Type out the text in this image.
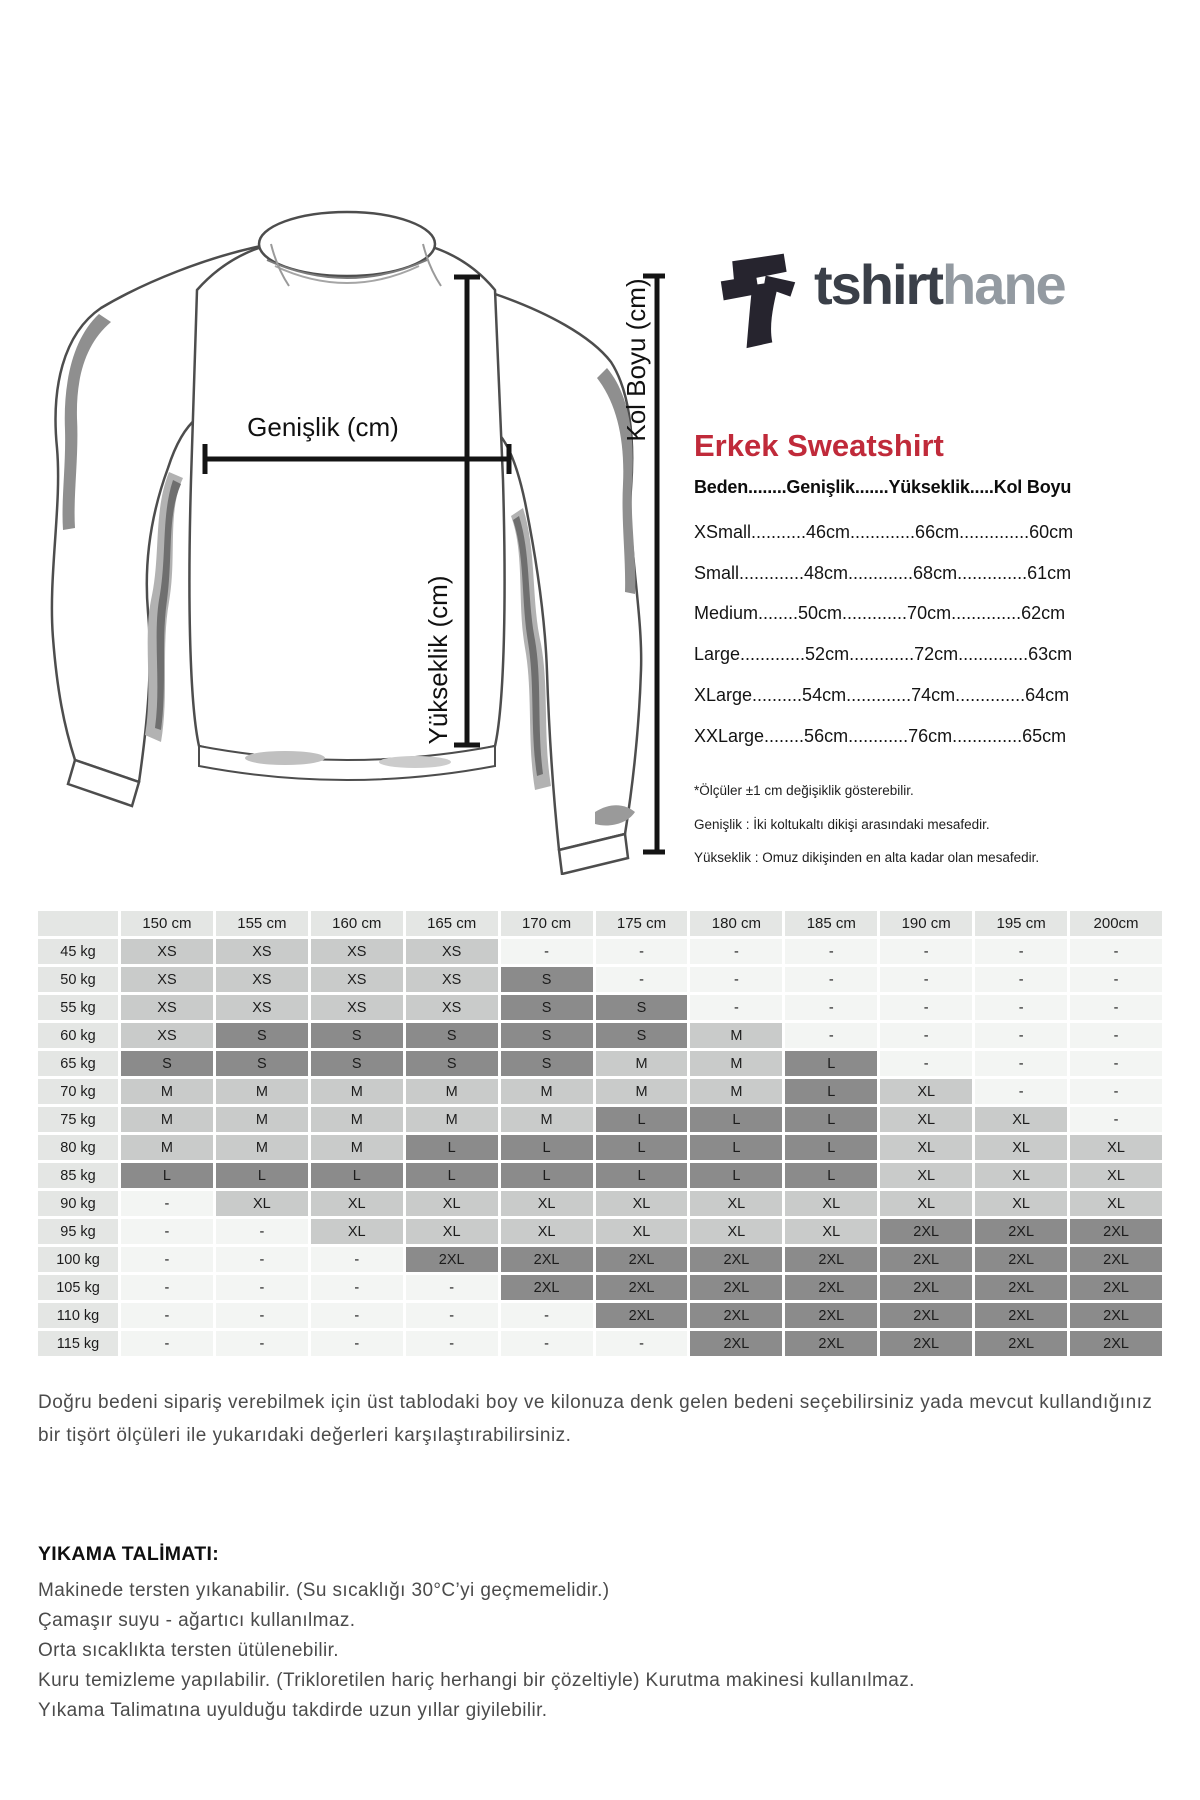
Genişlik (cm)
Yükseklik (cm)
Kol Boyu (cm)	tshirthane
Erkek Sweatshirt
Beden........Genişlik.......Yükseklik.....Kol Boyu
XSmall...........46cm.............66cm..............60cm
Small.............48cm.............68cm..............61cm
Medium........50cm.............70cm..............62cm
Large.............52cm.............72cm..............63cm
XLarge..........54cm.............74cm..............64cm
XXLarge........56cm............76cm..............65cm
*Ölçüler ±1 cm değişiklik gösterebilir.
Genişlik : İki koltukaltı dikişi arasındaki mesafedir.
Yükseklik : Omuz dikişinden en alta kadar olan mesafedir.
	150 cm	155 cm	160 cm	165 cm	170 cm	175 cm	180 cm	185 cm	190 cm	195 cm	200cm
45 kg	XS	XS	XS	XS	-	-	-	-	-	-	-
50 kg	XS	XS	XS	XS	S	-	-	-	-	-	-
55 kg	XS	XS	XS	XS	S	S	-	-	-	-	-
60 kg	XS	S	S	S	S	S	M	-	-	-	-
65 kg	S	S	S	S	S	M	M	L	-	-	-
70 kg	M	M	M	M	M	M	M	L	XL	-	-
75 kg	M	M	M	M	M	L	L	L	XL	XL	-
80 kg	M	M	M	L	L	L	L	L	XL	XL	XL
85 kg	L	L	L	L	L	L	L	L	XL	XL	XL
90 kg	-	XL	XL	XL	XL	XL	XL	XL	XL	XL	XL
95 kg	-	-	XL	XL	XL	XL	XL	XL	2XL	2XL	2XL
100 kg	-	-	-	2XL	2XL	2XL	2XL	2XL	2XL	2XL	2XL
105 kg	-	-	-	-	2XL	2XL	2XL	2XL	2XL	2XL	2XL
110 kg	-	-	-	-	-	2XL	2XL	2XL	2XL	2XL	2XL
115 kg	-	-	-	-	-	-	2XL	2XL	2XL	2XL	2XL
Doğru bedeni sipariş verebilmek için üst tablodaki boy ve kilonuza denk gelen bedeni seçebilirsiniz yada mevcut kullandığınız
bir tişört ölçüleri ile yukarıdaki değerleri karşılaştırabilirsiniz.
YIKAMA TALİMATI:
Makinede tersten yıkanabilir. (Su sıcaklığı 30°C’yi geçmemelidir.)
Çamaşır suyu - ağartıcı kullanılmaz.
Orta sıcaklıkta tersten ütülenebilir.
Kuru temizleme yapılabilir. (Trikloretilen hariç herhangi bir çözeltiyle) Kurutma makinesi kullanılmaz.
Yıkama Talimatına uyulduğu takdirde uzun yıllar giyilebilir.
